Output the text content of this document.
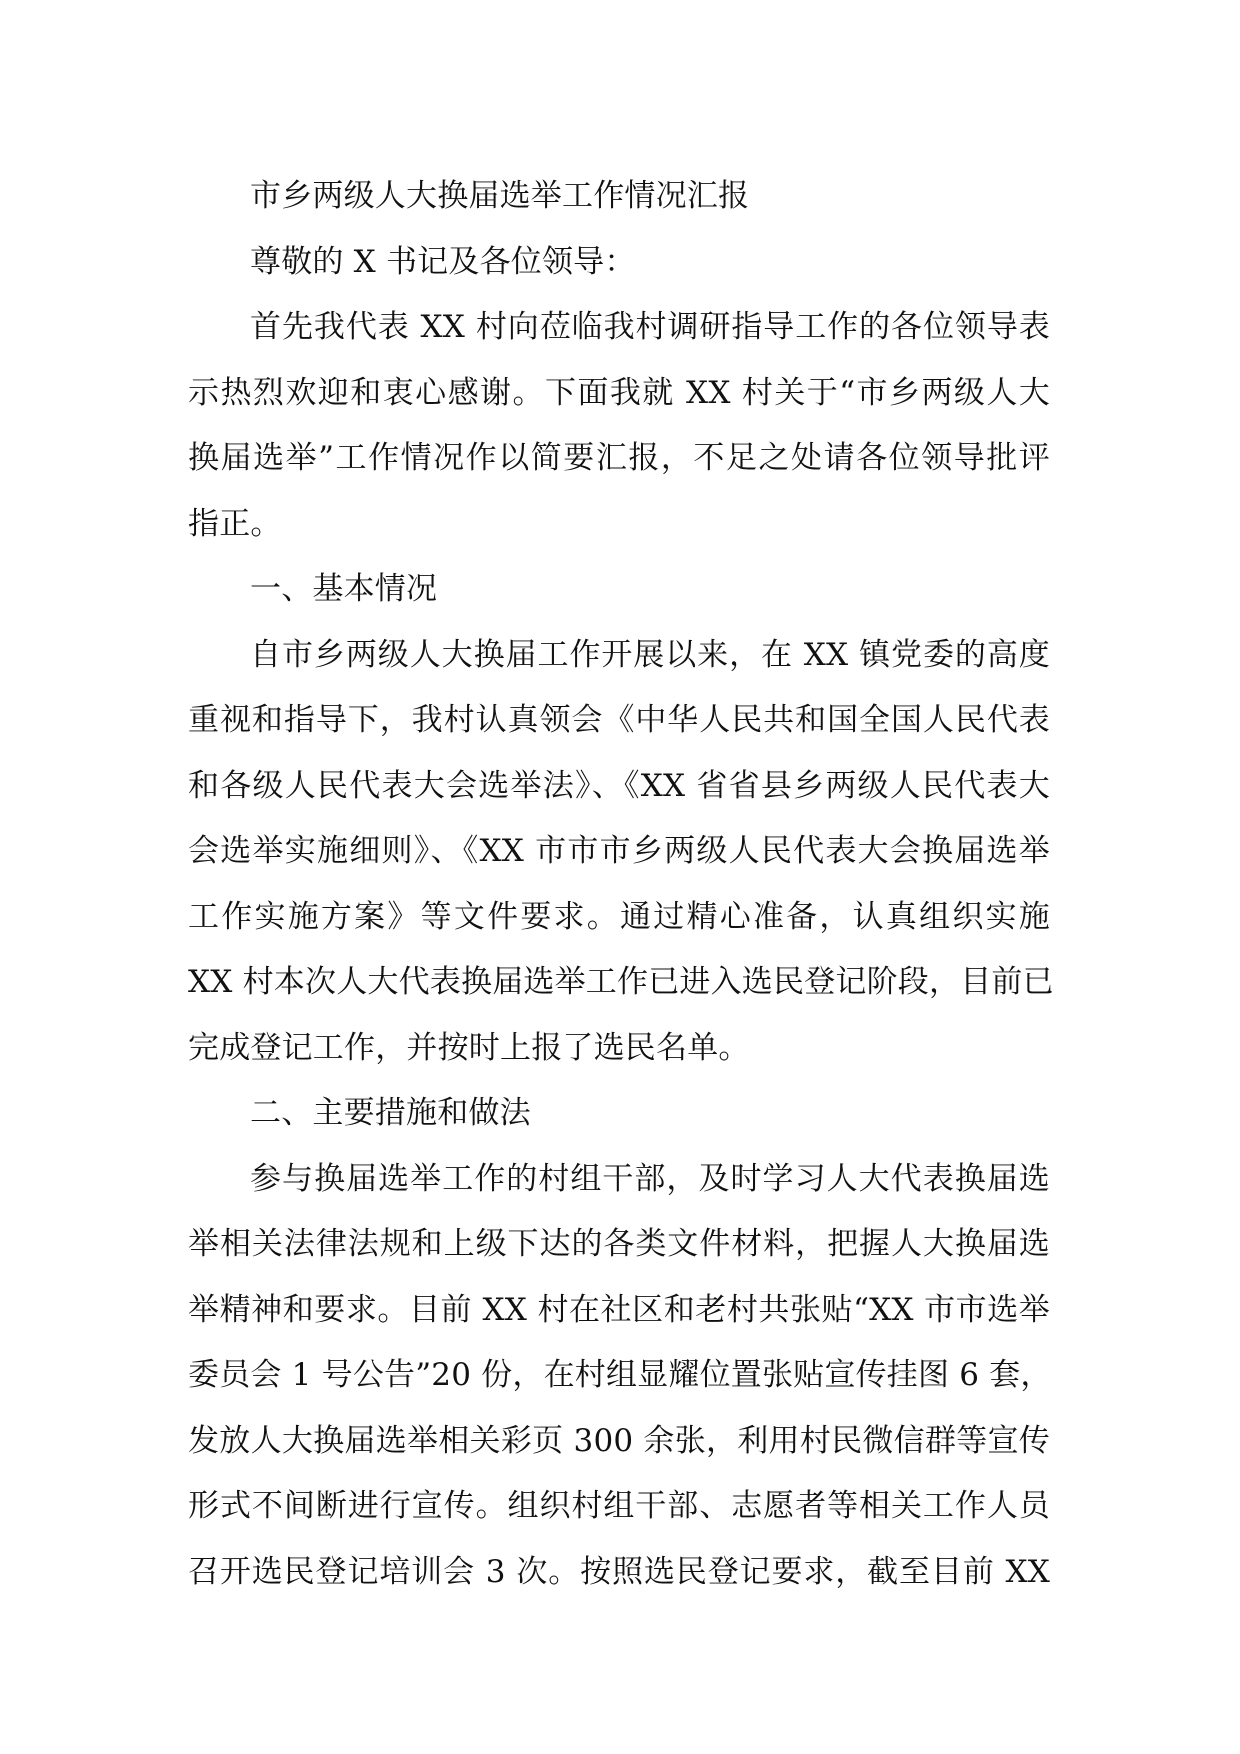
市乡两级人大换届选举工作情况汇报
尊敬的 X 书记及各位领导：
首先我代表 XX 村向莅临我村调研指导工作的各位领导表
示热烈欢迎和衷心感谢。下面我就 XX 村关于“市乡两级人大
换届选举”工作情况作以简要汇报，不足之处请各位领导批评
指正。
一、基本情况
自市乡两级人大换届工作开展以来，在 XX 镇党委的高度
重视和指导下，我村认真领会《中华人民共和国全国人民代表
和各级人民代表大会选举法》、《XX 省省县乡两级人民代表大
会选举实施细则》、《XX 市市市乡两级人民代表大会换届选举
工作实施方案》等文件要求。通过精心准备，认真组织实施
XX 村本次人大代表换届选举工作已进入选民登记阶段，目前已
完成登记工作，并按时上报了选民名单。
二、主要措施和做法
参与换届选举工作的村组干部，及时学习人大代表换届选
举相关法律法规和上级下达的各类文件材料，把握人大换届选
举精神和要求。目前 XX 村在社区和老村共张贴“XX 市市选举
委员会 1 号公告”20 份，在村组显耀位置张贴宣传挂图 6 套，
发放人大换届选举相关彩页 300 余张，利用村民微信群等宣传
形式不间断进行宣传。组织村组干部、志愿者等相关工作人员
召开选民登记培训会 3 次。按照选民登记要求，截至目前 XX
